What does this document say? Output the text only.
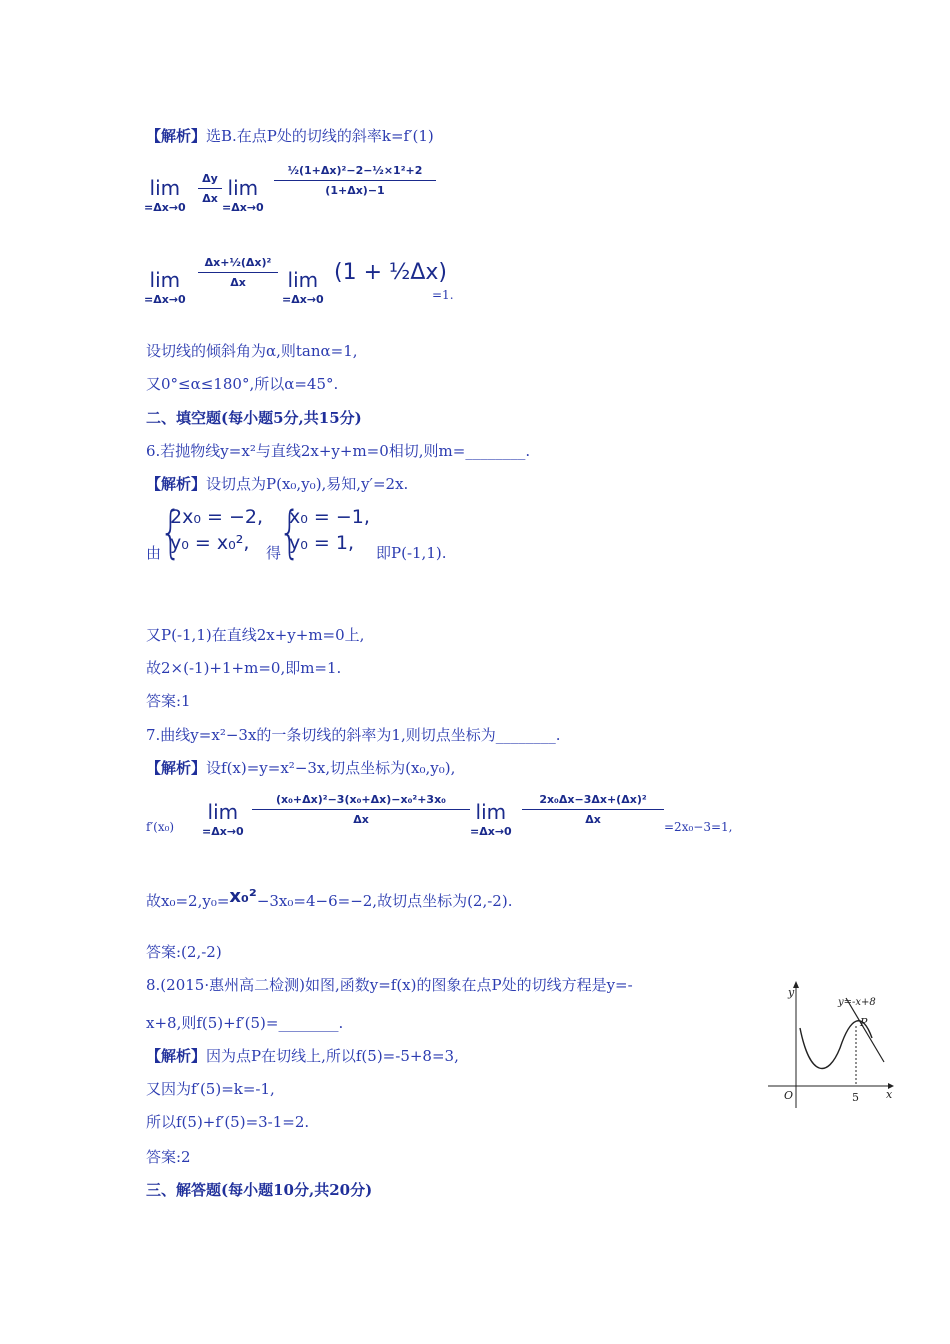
【解析】选B.在点P处的切线的斜率k=f′(1)
lim
=Δx→0
Δy
Δx lim
=Δx→0
½(1+Δx)²−2−½×1²+2
(1+Δx)−1
lim
=Δx→0
Δx+½(Δx)²
Δx	lim
=Δx→0
(1 + ½Δx)
=1.
设切线的倾斜角为α,则tanα=1,
又0°≤α≤180°,所以α=45°.
二、填空题(每小题5分,共15分)
6.若抛物线y=x²与直线2x+y+m=0相切,则m=________.
【解析】设切点为P(x₀,y₀),易知,y′=2x.
由
{
2x₀ = −2,
y₀ = x₀²,	得
{
x₀ = −1,
y₀ = 1,	即P(-1,1).
又P(-1,1)在直线2x+y+m=0上,
故2×(-1)+1+m=0,即m=1.
答案:1
7.曲线y=x²−3x的一条切线的斜率为1,则切点坐标为________.
【解析】设f(x)=y=x²−3x,切点坐标为(x₀,y₀),
f′(x₀)
lim
=Δx→0
(x₀+Δx)²−3(x₀+Δx)−x₀²+3x₀
Δx	lim
=Δx→0
2x₀Δx−3Δx+(Δx)²
Δx
=2x₀−3=1,
故x₀=2,y₀=x₀²−3x₀=4−6=−2,故切点坐标为(2,-2).
答案:(2,-2)
8.(2015·惠州高二检测)如图,函数y=f(x)的图象在点P处的切线方程是y=-
x+8,则f(5)+f′(5)=________.
【解析】因为点P在切线上,所以f(5)=-5+8=3,
又因为f′(5)=k=-1,
所以f(5)+f′(5)=3-1=2.
答案:2
y
x
O	5
P
y=-x+8
三、解答题(每小题10分,共20分)
